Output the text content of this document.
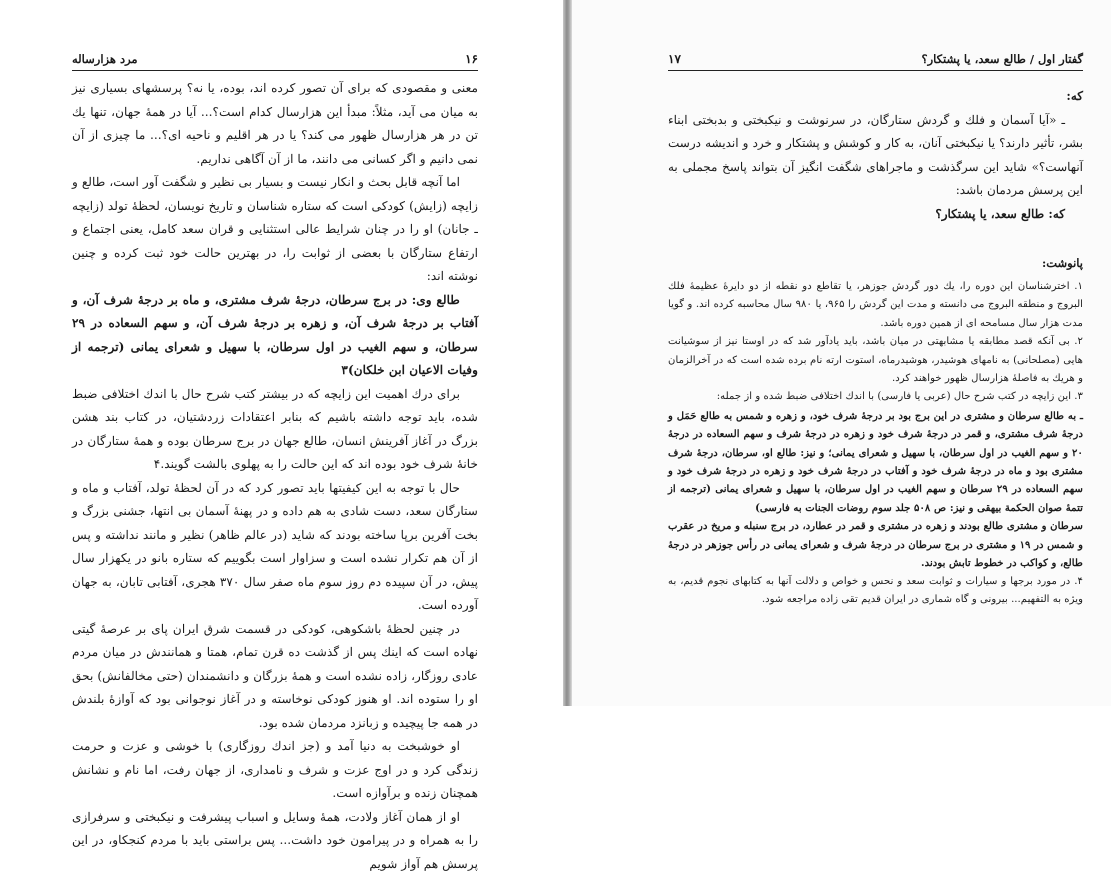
مرد هزارساله	۱۶

معنی و مقصودی که برای آن تصور کرده اند، بوده، یا نه؟ پرسشهای بسیاری نیز به میان می آید، مثلاً: مبدأ این هزارسال کدام است؟... آیا در همهٔ جهان، تنها یك تن در هر هزارسال ظهور می کند؟ یا در هر اقلیم و ناحیه ای؟... ما چیزی از آن نمی دانیم و اگر کسانی می دانند، ما از آن آگاهی نداریم.

اما آنچه قابل بحث و انکار نیست و بسیار بی نظیر و شگفت آور است، طالع و زایچه (زایش) کودکی است که ستاره شناسان و تاریخ نویسان، لحظهٔ تولد (زایچه ـ جانان) او را در چنان شرایط عالی استثنایی و قران سعد کامل، یعنی اجتماع و ارتفاع ستارگان با بعضی از ثوابت را، در بهترین حالت خود ثبت کرده و چنین نوشته اند:

طالع وی: در برج سرطان، درجهٔ شرف مشتری، و ماه بر درجهٔ شرف آن، و آفتاب بر درجهٔ شرف آن، و زهره بر درجهٔ شرف آن، و سهم السعاده در ۲۹ سرطان، و سهم الغیب در اول سرطان، با سهیل و شعرای یمانی (ترجمه از وفیات الاعیان ابن خلکان)۳

برای درك اهمیت این زایچه که در بیشتر کتب شرح حال با اندك اختلافی ضبط شده، باید توجه داشته باشیم که بنابر اعتقادات زردشتیان، در کتاب بند هشن بزرگ در آغاز آفرینش انسان، طالع جهان در برج سرطان بوده و همهٔ ستارگان در خانهٔ شرف خود بوده اند که این حالت را به پهلوی بالشت گویند.۴

حال با توجه به این کیفیتها باید تصور کرد که در آن لحظهٔ تولد، آفتاب و ماه و ستارگان سعد، دست شادی به هم داده و در پهنهٔ آسمان بی انتها، جشنی بزرگ و بخت آفرین برپا ساخته بودند که شاید (در عالم ظاهر) نظیر و مانند نداشته و پس از آن هم تکرار نشده است و سزاوار است بگوییم که ستاره بانو در یکهزار سال پیش، در آن سپیده دم روز سوم ماه صفر سال ۳۷۰ هجری، آفتابی تابان، به جهان آورده است.

در چنین لحظهٔ باشکوهی، کودکی در قسمت شرق ایران پای بر عرصهٔ گیتی نهاده است که اینك پس از گذشت ده قرن تمام، همتا و همانندش در میان مردم عادی روزگار، زاده نشده است و همهٔ بزرگان و دانشمندان (حتی مخالفانش) بحق او را ستوده اند. او هنوز کودکی نوخاسته و در آغاز نوجوانی بود که آوازهٔ بلندش در همه جا پیچیده و زبانزد مردمان شده بود.

او خوشبخت به دنیا آمد و (جز اندك روزگاری) با خوشی و عزت و حرمت زندگی کرد و در اوج عزت و شرف و نامداری، از جهان رفت، اما نام و نشانش همچنان زنده و برآوازه است.

او از همان آغاز ولادت، همهٔ وسایل و اسباب پیشرفت و نیکبختی و سرفرازی را به همراه و در پیرامون خود داشت... پس براستی باید با مردم کنجکاو، در این پرسش هم آواز شویم

گفتار اول / طالع سعد، یا پشتکار؟
۱۷

که:

ـ «آیا آسمان و فلك و گردش ستارگان، در سرنوشت و نیکبختی و بدبختی ابناء بشر، تأثیر دارند؟ یا نیکبختی آنان، به کار و کوشش و پشتکار و خرد و اندیشه درست آنهاست؟» شاید این سرگذشت و ماجراهای شگفت انگیز آن بتواند پاسخ مجملی به این پرسش مردمان باشد:

که: طالع سعد، یا پشتکار؟

پانوشت:

۱. اخترشناسان این دوره را، یك دور گردش جوزهر، یا تقاطع دو نقطه از دو دایرهٔ عظیمهٔ فلك البروج و منطقه البروج می دانسته و مدت این گردش را ۹۶۵، یا ۹۸۰ سال محاسبه کرده اند. و گویا مدت هزار سال مسامحه ای از همین دوره باشد.

۲. بی آنکه قصد مطابقه یا مشابهتی در میان باشد، باید یادآور شد که در اوستا نیز از سوشیانت هایی (مصلحانی) به نامهای هوشیدر، هوشیدرماه، استوت ارته نام برده شده است که در آخرالزمان و هریك به فاصلهٔ هزارسال ظهور خواهند کرد.

۳. این زایچه در کتب شرح حال (عربی یا فارسی) با اندك اختلافی ضبط شده و از جمله:

ـ به طالع سرطان و مشتری در این برج بود بر درجهٔ شرف خود، و زهره و شمس به طالع حَمَل و درجهٔ شرف مشتری، و قمر در درجهٔ شرف خود و زهره در درجهٔ شرف و سهم السعاده در درجهٔ ۲۰ و سهم الغیب در اول سرطان، با سهیل و شعرای یمانی؛ و نیز: طالع او، سرطان، درجهٔ شرف مشتری بود و ماه در درجهٔ شرف خود و آفتاب در درجهٔ شرف خود و زهره در درجهٔ شرف خود و سهم السعاده در ۲۹ سرطان و سهم الغیب در اول سرطان، با سهیل و شعرای یمانی (ترجمه از تتمهٔ صوان الحکمة بیهقی و نیز: ص ۵۰۸ جلد سوم روضات الجنات به فارسی)

سرطان و مشتری طالع بودند و زهره در مشتری و قمر در عطارد، در برج سنبله و مریخ در عقرب و شمس در ۱۹ و مشتری در برج سرطان در درجهٔ شرف و شعرای یمانی در رأس جوزهر در درجهٔ طالع، و کواکب در خطوط تابش بودند.

۴. در مورد برجها و سیارات و ثوابت سعد و نحس و خواص و دلالت آنها به کتابهای نجوم قدیم، به ویژه به التفهیم... بیرونی و گاه شماری در ایران قدیم تقی زاده مراجعه شود.
